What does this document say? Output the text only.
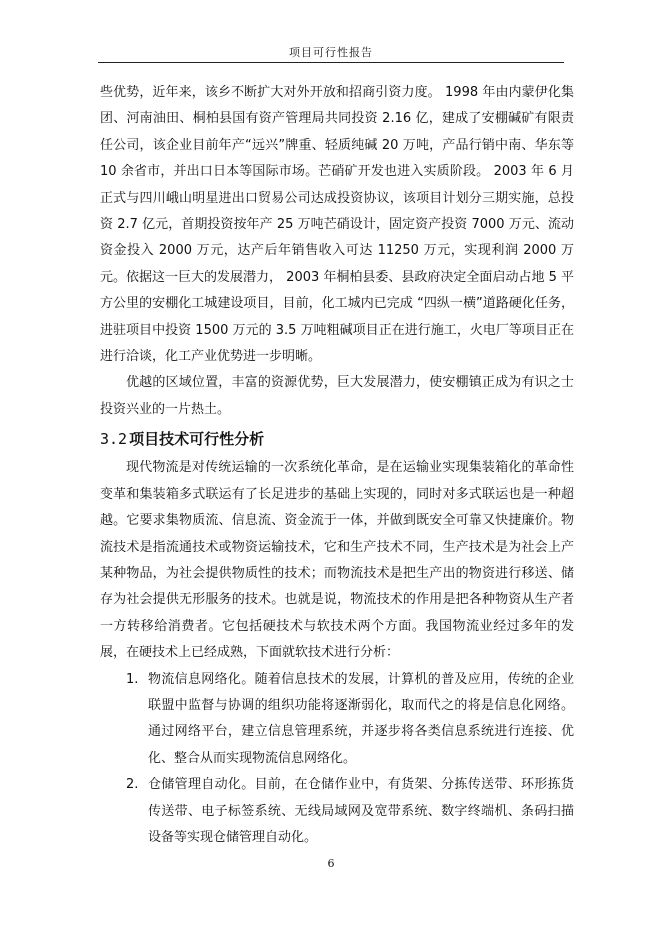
项目可行性报告

些优势，近年来，该乡不断扩大对外开放和招商引资力度。 1998 年由内蒙伊化集团、河南油田、桐柏县国有资产管理局共同投资 2.16 亿，建成了安棚碱矿有限责任公司，该企业目前年产“远兴”牌重、轻质纯碱 20 万吨，产品行销中南、华东等 10 余省市，并出口日本等国际市场。芒硝矿开发也进入实质阶段。 2003 年 6 月正式与四川峨山明星进出口贸易公司达成投资协议，该项目计划分三期实施，总投资 2.7 亿元，首期投资按年产 25 万吨芒硝设计，固定资产投资 7000 万元、流动资金投入 2000 万元，达产后年销售收入可达 11250 万元，实现利润 2000 万元。依据这一巨大的发展潜力， 2003 年桐柏县委、县政府决定全面启动占地 5 平方公里的安棚化工城建设项目，目前，化工城内已完成 “四纵一横”道路硬化任务，进驻项目中投资 1500 万元的 3.5 万吨粗碱项目正在进行施工，火电厂等项目正在进行洽谈，化工产业优势进一步明晰。

优越的区域位置，丰富的资源优势，巨大发展潜力，使安棚镇正成为有识之士投资兴业的一片热土。

3.2 项目技术可行性分析

现代物流是对传统运输的一次系统化革命，是在运输业实现集装箱化的革命性变革和集装箱多式联运有了长足进步的基础上实现的，同时对多式联运也是一种超越。它要求集物质流、信息流、资金流于一体，并做到既安全可靠又快捷廉价。物流技术是指流通技术或物资运输技术，它和生产技术不同，生产技术是为社会上产某种物品，为社会提供物质性的技术；而物流技术是把生产出的物资进行移送、储存为社会提供无形服务的技术。也就是说，物流技术的作用是把各种物资从生产者一方转移给消费者。它包括硬技术与软技术两个方面。我国物流业经过多年的发展，在硬技术上已经成熟，下面就软技术进行分析：

1. 物流信息网络化。随着信息技术的发展，计算机的普及应用，传统的企业联盟中监督与协调的组织功能将逐渐弱化，取而代之的将是信息化网络。通过网络平台，建立信息管理系统，并逐步将各类信息系统进行连接、优化、整合从而实现物流信息网络化。

2. 仓储管理自动化。目前，在仓储作业中，有货架、分拣传送带、环形拣货传送带、电子标签系统、无线局域网及宽带系统、数字终端机、条码扫描设备等实现仓储管理自动化。

6
